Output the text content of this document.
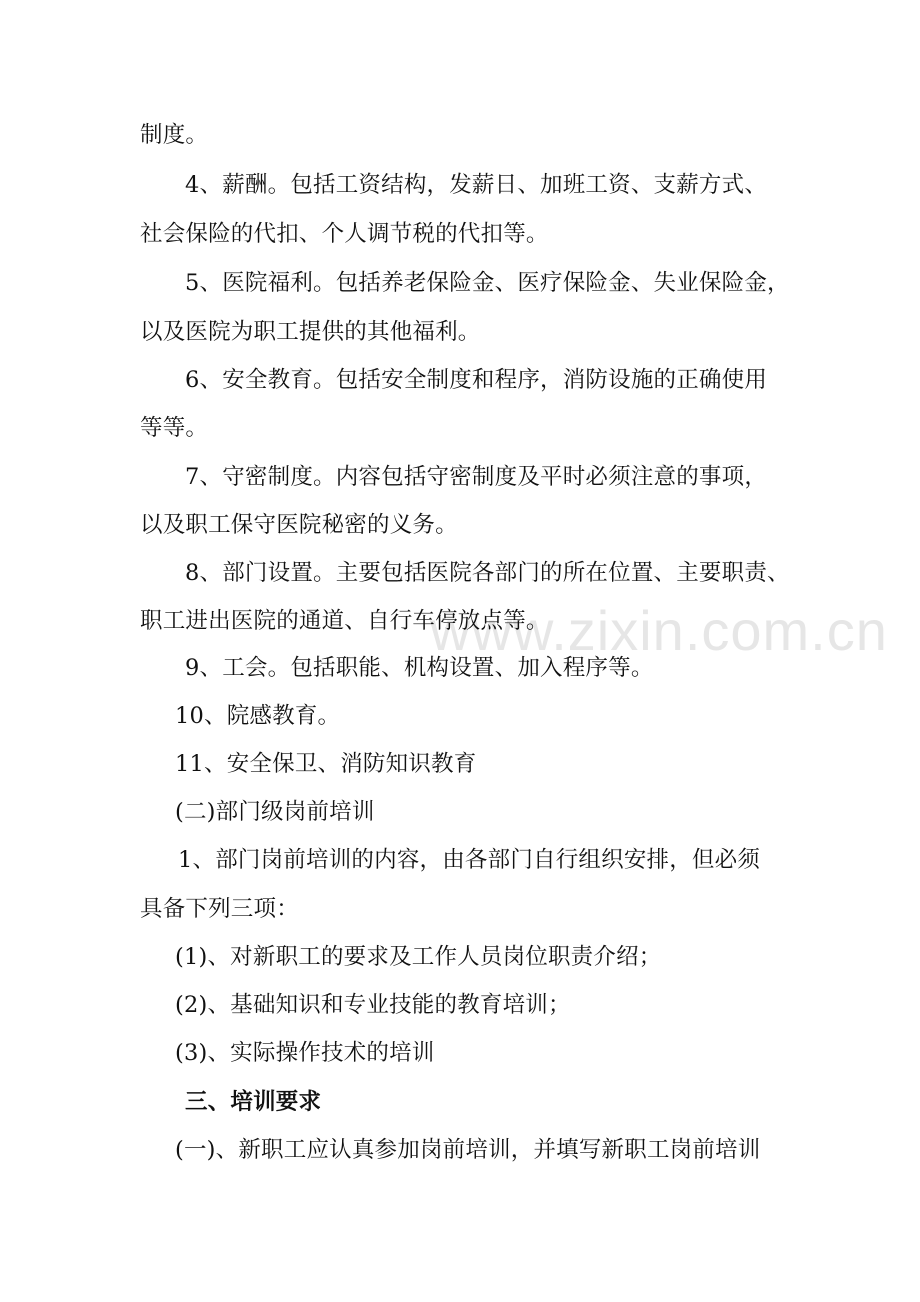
www.zixin.com.cn
制度。
4、薪酬。包括工资结构，发薪日、加班工资、支薪方式、
社会保险的代扣、个人调节税的代扣等。
5、医院福利。包括养老保险金、医疗保险金、失业保险金，
以及医院为职工提供的其他福利。
6、安全教育。包括安全制度和程序，消防设施的正确使用
等等。
7、守密制度。内容包括守密制度及平时必须注意的事项，
以及职工保守医院秘密的义务。
8、部门设置。主要包括医院各部门的所在位置、主要职责、
职工进出医院的通道、自行车停放点等。
9、工会。包括职能、机构设置、加入程序等。
10、院感教育。
11、安全保卫、消防知识教育
(二)部门级岗前培训
1、部门岗前培训的内容，由各部门自行组织安排，但必须
具备下列三项：
(1)、对新职工的要求及工作人员岗位职责介绍；
(2)、基础知识和专业技能的教育培训；
(3)、实际操作技术的培训
三、培训要求
(一)、新职工应认真参加岗前培训，并填写新职工岗前培训
